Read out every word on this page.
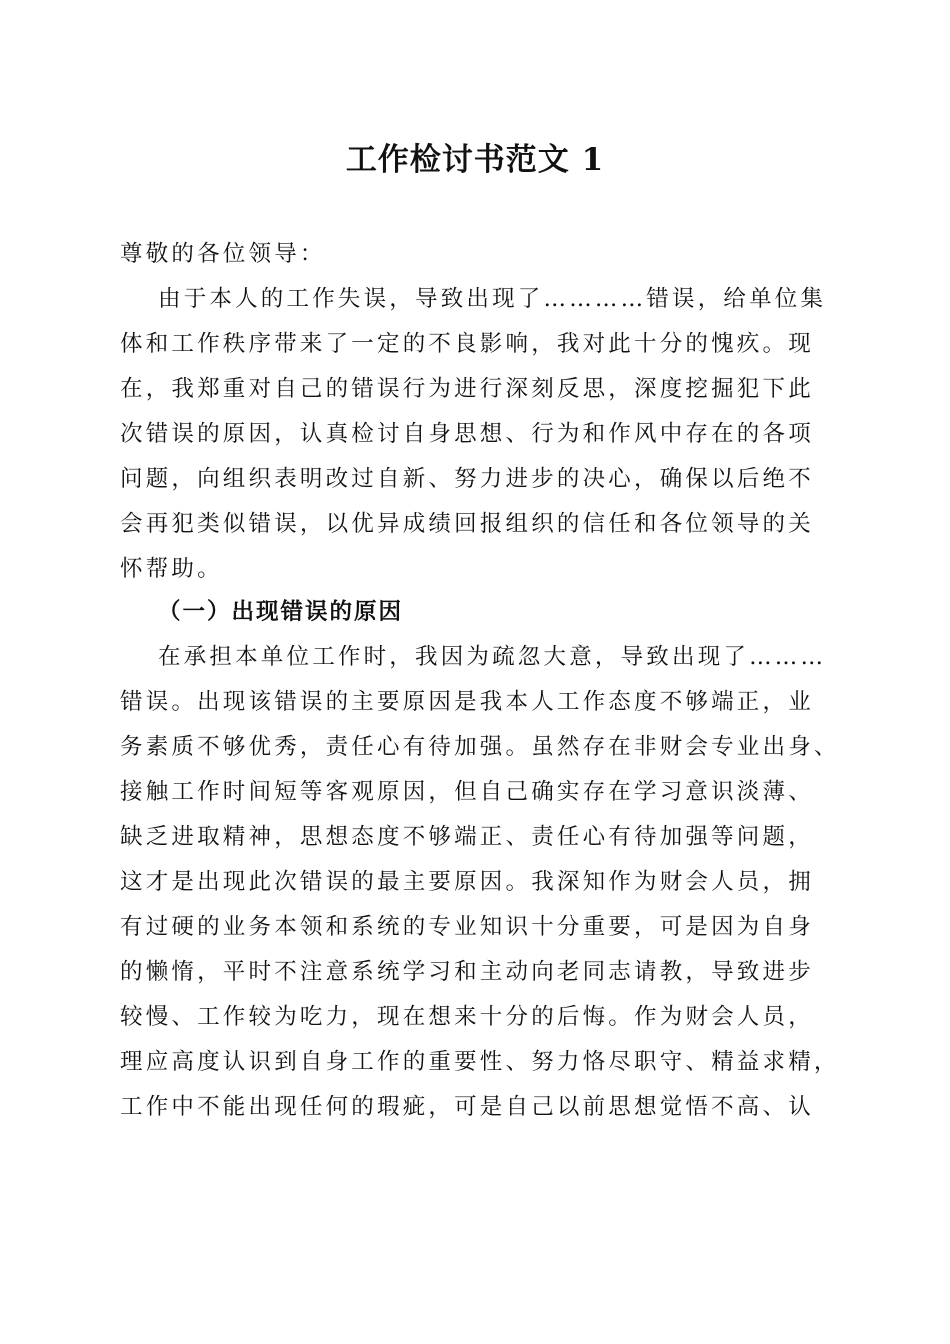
工作检讨书范文 1

尊敬的各位领导：

由于本人的工作失误，导致出现了…………错误，给单位集

体和工作秩序带来了一定的不良影响，我对此十分的愧疚。现

在，我郑重对自己的错误行为进行深刻反思，深度挖掘犯下此

次错误的原因，认真检讨自身思想、行为和作风中存在的各项

问题，向组织表明改过自新、努力进步的决心，确保以后绝不

会再犯类似错误，以优异成绩回报组织的信任和各位领导的关

怀帮助。

（一）出现错误的原因

在承担本单位工作时，我因为疏忽大意，导致出现了………

错误。出现该错误的主要原因是我本人工作态度不够端正，业

务素质不够优秀，责任心有待加强。虽然存在非财会专业出身、

接触工作时间短等客观原因，但自己确实存在学习意识淡薄、

缺乏进取精神，思想态度不够端正、责任心有待加强等问题，

这才是出现此次错误的最主要原因。我深知作为财会人员，拥

有过硬的业务本领和系统的专业知识十分重要，可是因为自身

的懒惰，平时不注意系统学习和主动向老同志请教，导致进步

较慢、工作较为吃力，现在想来十分的后悔。作为财会人员，

理应高度认识到自身工作的重要性、努力恪尽职守、精益求精，

工作中不能出现任何的瑕疵，可是自己以前思想觉悟不高、认
